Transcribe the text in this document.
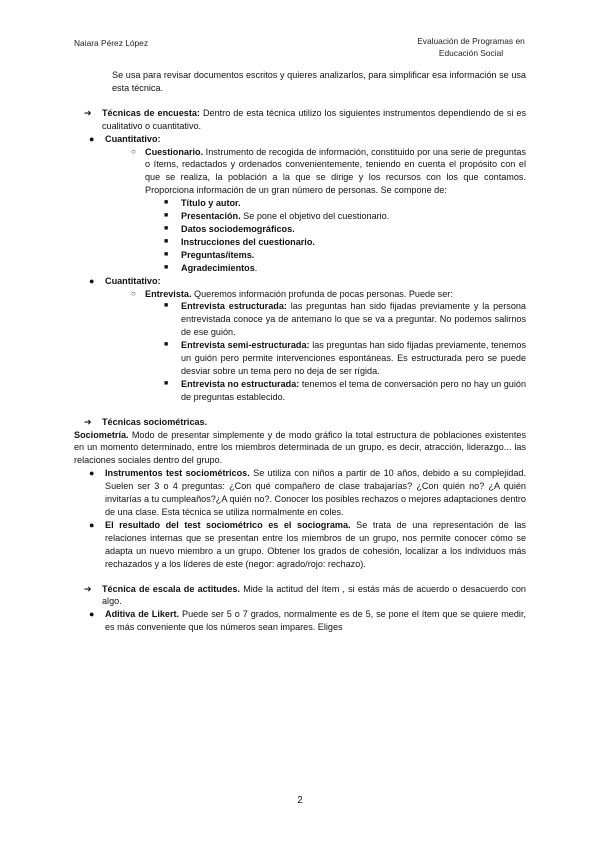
Naiara Pérez López	Evaluación de Programas en
Educación Social

Se usa para revisar documentos escritos y quieres analizarlos, para simplificar esa información se usa esta técnica.

➔	Técnicas de encuesta: Dentro de esta técnica utilizo los siguientes instrumentos dependiendo de si es cualitativo o cuantitativo.
●	Cuantitativo:
○	Cuestionario. Instrumento de recogida de información, constituido por una serie de preguntas o ítems, redactados y ordenados convenientemente, teniendo en cuenta el propósito con el que se realiza, la población a la que se dirige y los recursos con los que contamos. Proporciona información de un gran número de personas. Se compone de:
■	Título y autor.
■	Presentación. Se pone el objetivo del cuestionario.
■	Datos sociodemográficos.
■	Instrucciones del cuestionario.
■	Preguntas/ítems.
■	Agradecimientos.
●	Cuantitativo:
○	Entrevista. Queremos información profunda de pocas personas. Puede ser:
■	Entrevista estructurada: las preguntas han sido fijadas previamente y la persona entrevistada conoce ya de antemano lo que se va a preguntar. No podemos salirnos de ese guión.
■	Entrevista semi-estructurada: las preguntas han sido fijadas previamente, tenemos un guión pero permite intervenciones espontáneas. Es estructurada pero se puede desviar sobre un tema pero no deja de ser rígida.
■	Entrevista no estructurada: tenemos el tema de conversación pero no hay un guión de preguntas establecido.
➔	Técnicas sociométricas.

Sociometría. Modo de presentar simplemente y de modo gráfico la total estructura de poblaciones existentes en un momento determinado, entre los miembros determinada de un grupo, es decir, atracción, liderazgo... las relaciones sociales dentro del grupo.

●	Instrumentos test sociométricos. Se utiliza con niños a partir de 10 años, debido a su complejidad. Suelen ser 3 o 4 preguntas: ¿Con qué compañero de clase trabajarías? ¿Con quién no? ¿A quién invitarías a tu cumpleaños?¿A quién no?. Conocer los posibles rechazos o mejores adaptaciones dentro de una clase. Esta técnica se utiliza normalmente en coles.
●	El resultado del test sociométrico es el sociograma. Se trata de una representación de las relaciones internas que se presentan entre los miembros de un grupo, nos permite conocer cómo se adapta un nuevo miembro a un grupo. Obtener los grados de cohesión, localizar a los individuos más rechazados y a los líderes de este (negor: agrado/rojo: rechazo).
➔	Técnica de escala de actitudes. Mide la actitud del ítem , si estás más de acuerdo o desacuerdo con algo.
●	Aditiva de Likert. Puede ser 5 o 7 grados, normalmente es de 5, se pone el ítem que se quiere medir, es más conveniente que los números sean impares. Eliges
2
